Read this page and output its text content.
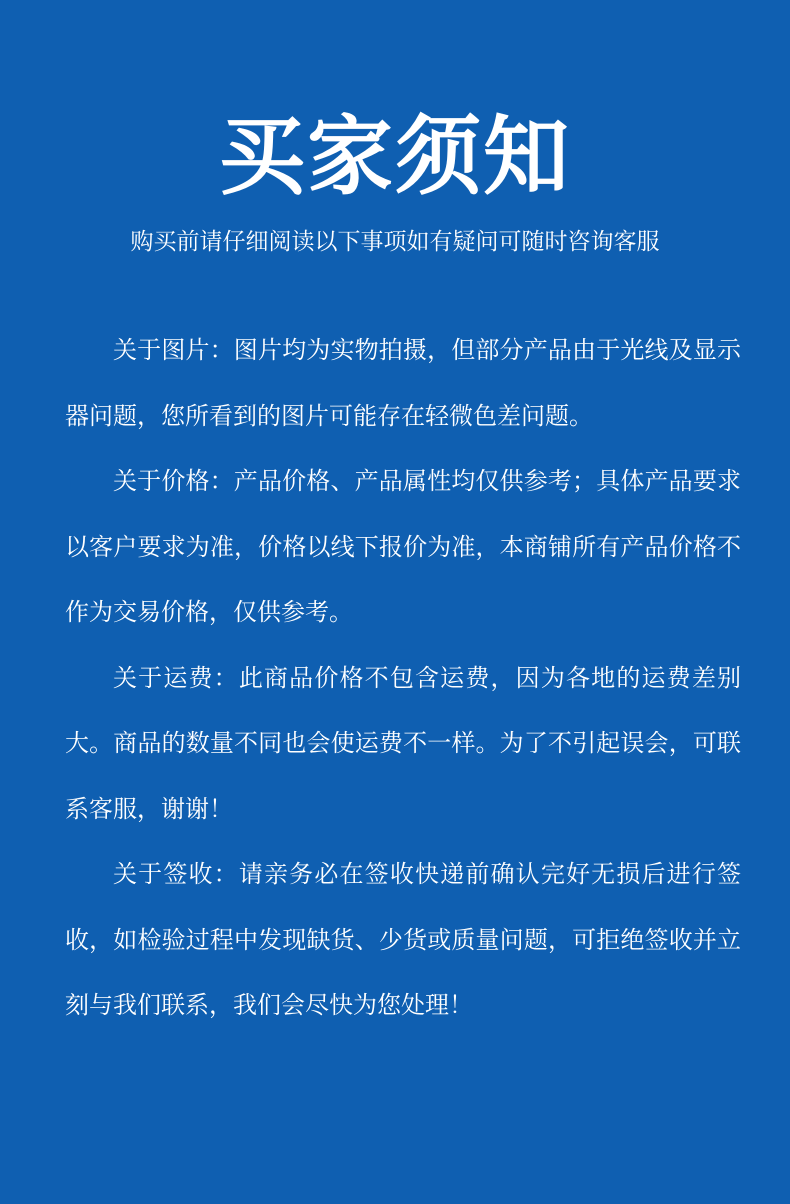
买家须知
购买前请仔细阅读以下事项如有疑问可随时咨询客服

关于图片：图片均为实物拍摄，但部分产品由于光线及显示器问题，您所看到的图片可能存在轻微色差问题。

关于价格：产品价格、产品属性均仅供参考；具体产品要求以客户要求为准，价格以线下报价为准，本商铺所有产品价格不作为交易价格，仅供参考。

关于运费：此商品价格不包含运费，因为各地的运费差别大。商品的数量不同也会使运费不一样。为了不引起误会，可联系客服，谢谢！

关于签收：请亲务必在签收快递前确认完好无损后进行签收，如检验过程中发现缺货、少货或质量问题，可拒绝签收并立刻与我们联系，我们会尽快为您处理！
